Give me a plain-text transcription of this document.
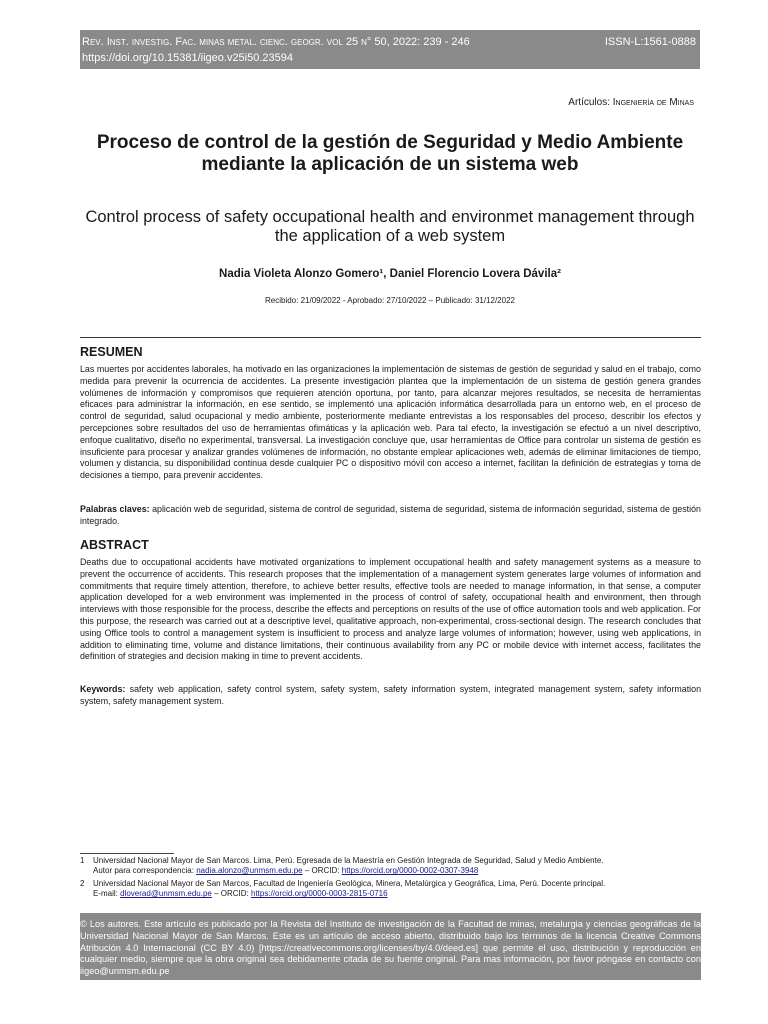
Rev. Inst. investig. Fac. minas metal. cienc. geogr. vol 25 n° 50, 2022: 239 - 246
https://doi.org/10.15381/iigeo.v25i50.23594
ISSN-L:1561-0888
Artículos: Ingeniería de Minas
Proceso de control de la gestión de Seguridad y Medio Ambiente mediante la aplicación de un sistema web
Control process of safety occupational health and environmet management through the application of a web system
Nadia Violeta Alonzo Gomero¹, Daniel Florencio Lovera Dávila²
Recibido: 21/09/2022 - Aprobado: 27/10/2022 – Publicado: 31/12/2022
RESUMEN
Las muertes por accidentes laborales, ha motivado en las organizaciones la implementación de sistemas de gestión de seguridad y salud en el trabajo, como medida para prevenir la ocurrencia de accidentes. La presente investigación plantea que la implementación de un sistema de gestión genera grandes volúmenes de información y compromisos que requieren atención oportuna, por tanto, para alcanzar mejores resultados, se necesita de herramientas eficaces para administrar la información, en ese sentido, se implementó una aplicación informática desarrollada para un entorno web, en el proceso de control de seguridad, salud ocupacional y medio ambiente, posteriormente mediante entrevistas a los responsables del proceso, describir los efectos y percepciones sobre resultados del uso de herramientas ofimáticas y la aplicación web. Para tal efecto, la investigación se efectuó a un nivel descriptivo, enfoque cualitativo, diseño no experimental, transversal. La investigación concluye que, usar herramientas de Office para controlar un sistema de gestión es insuficiente para procesar y analizar grandes volúmenes de información, no obstante emplear aplicaciones web, además de eliminar limitaciones de tiempo, volumen y distancia, su disponibilidad continua desde cualquier PC o dispositivo móvil con acceso a internet, facilitan la definición de estrategias y toma de decisiones a tiempo, para prevenir accidentes.
Palabras claves: aplicación web de seguridad, sistema de control de seguridad, sistema de seguridad, sistema de información seguridad, sistema de gestión integrado.
ABSTRACT
Deaths due to occupational accidents have motivated organizations to implement occupational health and safety management systems as a measure to prevent the occurrence of accidents. This research proposes that the implementation of a management system generates large volumes of information and commitments that require timely attention, therefore, to achieve better results, effective tools are needed to manage information, in that sense, a computer application developed for a web environment was implemented in the process of control of safety, occupational health and environment, then through interviews with those responsible for the process, describe the effects and perceptions on results of the use of office automation tools and web application. For this purpose, the research was carried out at a descriptive level, qualitative approach, non-experimental, cross-sectional design. The research concludes that using Office tools to control a management system is insufficient to process and analyze large volumes of information; however, using web applications, in addition to eliminating time, volume and distance limitations, their continuous availability from any PC or mobile device with internet access, facilitates the definition of strategies and decision making in time to prevent accidents.
Keywords: safety web application, safety control system, safety system, safety information system, integrated management system, safety information system, safety management system.
1 Universidad Nacional Mayor de San Marcos. Lima, Perú. Egresada de la Maestría en Gestión Integrada de Seguridad, Salud y Medio Ambiente.
Autor para correspondencia: nadia.alonzo@unmsm.edu.pe – ORCID: https://orcid.org/0000-0002-0307-3948
2 Universidad Nacional Mayor de San Marcos, Facultad de Ingeniería Geológica, Minera, Metalúrgica y Geográfica, Lima, Perú. Docente principal.
E-mail: dloverad@unmsm.edu.pe – ORCID: https://orcid.org/0000-0003-2815-0716
© Los autores. Este artículo es publicado por la Revista del Instituto de investigación de la Facultad de minas, metalurgia y ciencias geográficas de la Universidad Nacional Mayor de San Marcos. Este es un artículo de acceso abierto, distribuido bajo los términos de la licencia Creative Commons Atribución 4.0 Internacional (CC BY 4.0) [https://creativecommons.org/licenses/by/4.0/deed.es] que permite el uso, distribución y reproducción en cualquier medio, siempre que la obra original sea debidamente citada de su fuente original. Para mas información, por favor póngase en contacto con iigeo@unmsm.edu.pe
